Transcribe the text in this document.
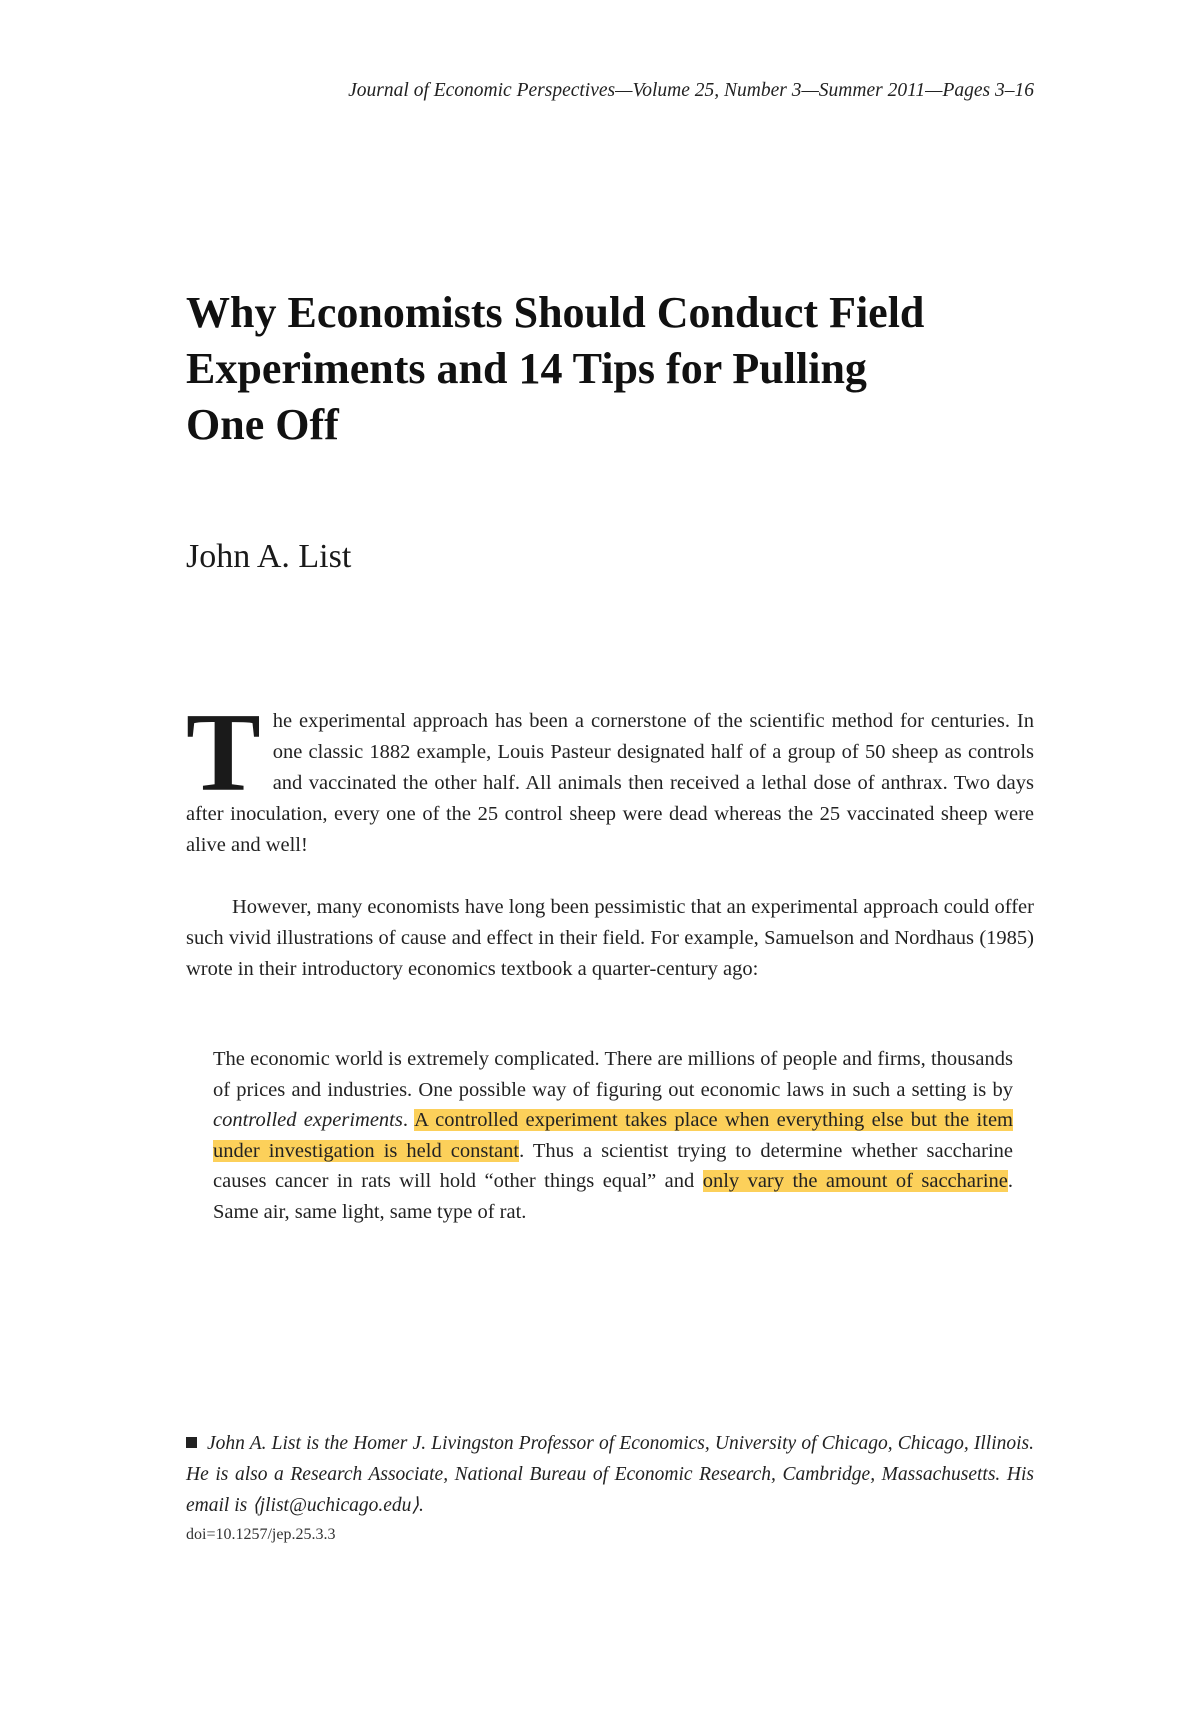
Journal of Economic Perspectives—Volume 25, Number 3—Summer 2011—Pages 3–16
Why Economists Should Conduct Field
Experiments and 14 Tips for Pulling
One Off
John A. List

The experimental approach has been a cornerstone of the scientific method for centuries. In one classic 1882 example, Louis Pasteur designated half of a group of 50 sheep as controls and vaccinated the other half. All animals then received a lethal dose of anthrax. Two days after inoculation, every one of the 25 control sheep were dead whereas the 25 vaccinated sheep were alive and well!

However, many economists have long been pessimistic that an experimental approach could offer such vivid illustrations of cause and effect in their field. For example, Samuelson and Nordhaus (1985) wrote in their introductory economics textbook a quarter-century ago:

The economic world is extremely complicated. There are millions of people and firms, thousands of prices and industries. One possible way of figuring out economic laws in such a setting is by controlled experiments. A controlled experiment takes place when everything else but the item under investigation is held constant. Thus a scientist trying to determine whether saccharine causes cancer in rats will hold “other things equal” and only vary the amount of saccharine. Same air, same light, same type of rat.

John A. List is the Homer J. Livingston Professor of Economics, University of Chicago, Chicago, Illinois. He is also a Research Associate, National Bureau of Economic Research, Cambridge, Massachusetts. His email is ⟨jlist@uchicago.edu⟩.

doi=10.1257/jep.25.3.3
